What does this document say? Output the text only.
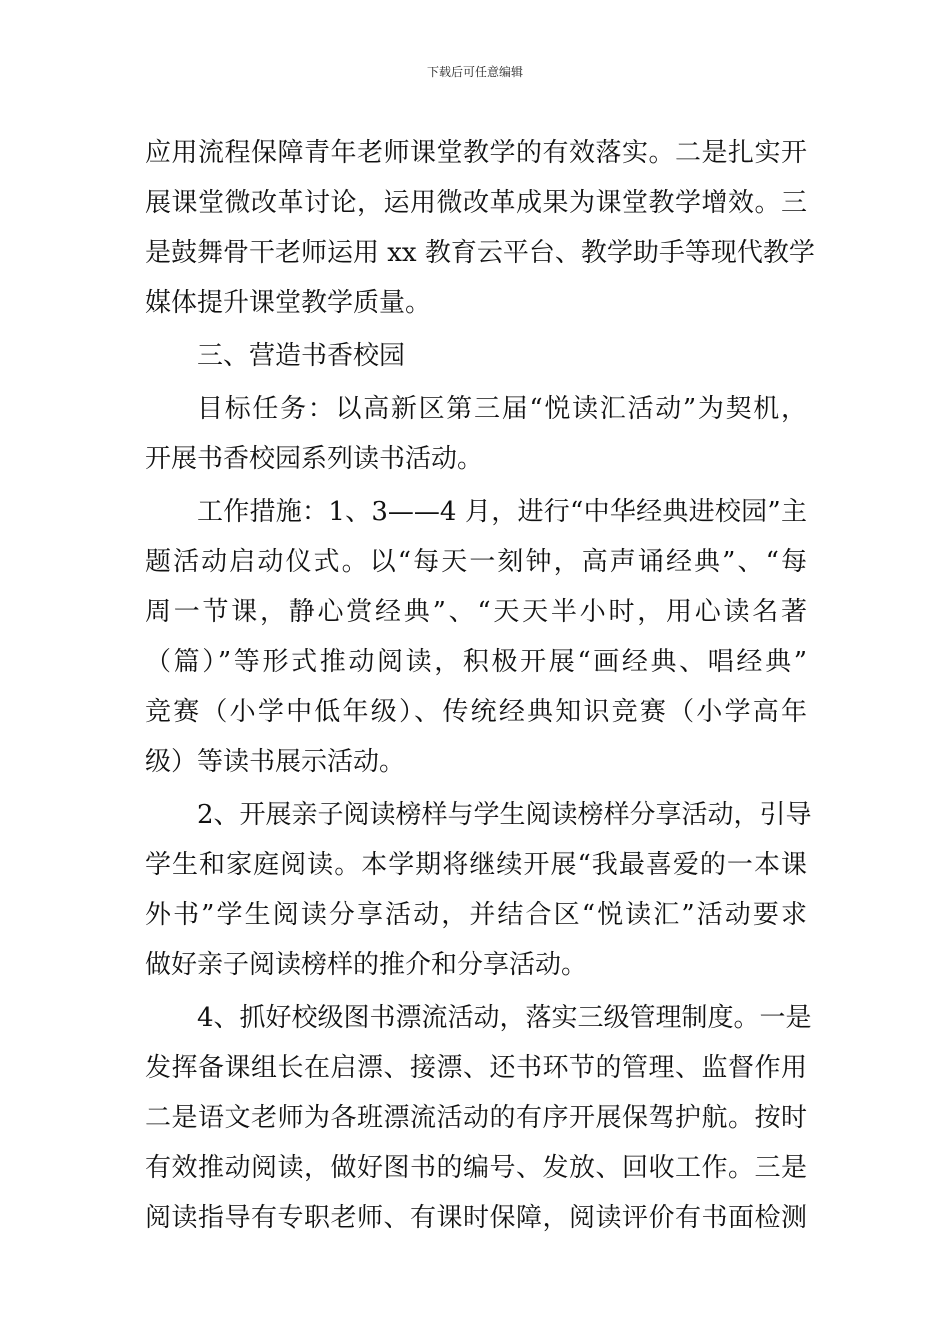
下载后可任意编辑
应用流程保障青年老师课堂教学的有效落实。二是扎实开
展课堂微改革讨论，运用微改革成果为课堂教学增效。三
是鼓舞骨干老师运用 xx 教育云平台、教学助手等现代教学
媒体提升课堂教学质量。
三、营造书香校园
目标任务：以高新区第三届“悦读汇活动”为契机，
开展书香校园系列读书活动。
工作措施：1、3——4 月，进行“中华经典进校园”主
题活动启动仪式。以“每天一刻钟，高声诵经典”、“每
周一节课，静心赏经典”、“天天半小时，用心读名著
（篇）”等形式推动阅读，积极开展“画经典、唱经典”
竞赛（小学中低年级）、传统经典知识竞赛（小学高年
级）等读书展示活动。
2、开展亲子阅读榜样与学生阅读榜样分享活动，引导
学生和家庭阅读。本学期将继续开展“我最喜爱的一本课
外书”学生阅读分享活动，并结合区“悦读汇”活动要求
做好亲子阅读榜样的推介和分享活动。
4、抓好校级图书漂流活动，落实三级管理制度。一是
发挥备课组长在启漂、接漂、还书环节的管理、监督作用
二是语文老师为各班漂流活动的有序开展保驾护航。按时
有效推动阅读，做好图书的编号、发放、回收工作。三是
阅读指导有专职老师、有课时保障，阅读评价有书面检测
